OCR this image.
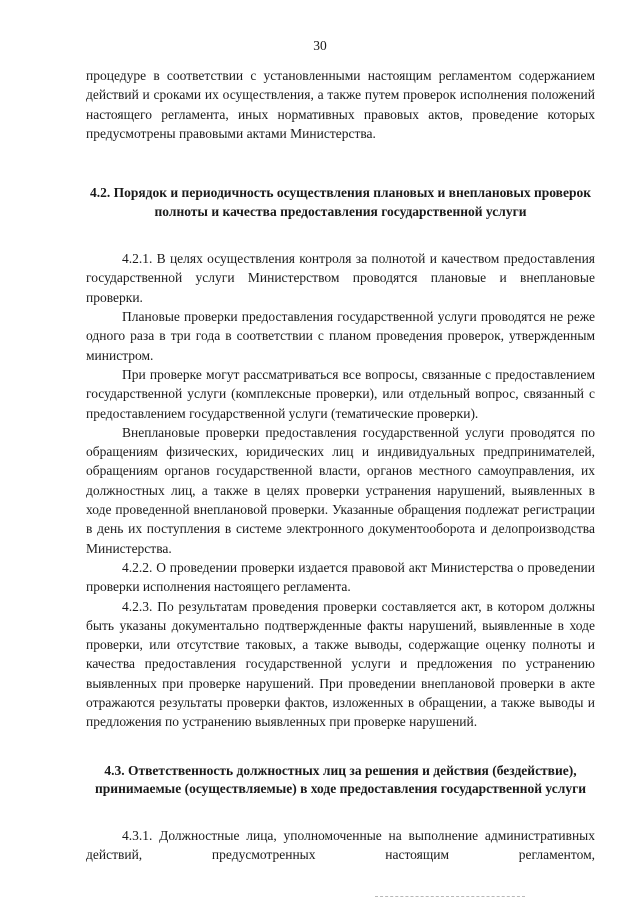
30

процедуре в соответствии с установленными настоящим регламентом содержанием действий и сроками их осуществления, а также путем проверок исполнения положений настоящего регламента, иных нормативных правовых актов, проведение которых предусмотрены правовыми актами Министерства.

4.2. Порядок и периодичность осуществления плановых и внеплановых проверок полноты и качества предоставления государственной услуги

4.2.1. В целях осуществления контроля за полнотой и качеством предоставления государственной услуги Министерством проводятся плановые и внеплановые проверки.

Плановые проверки предоставления государственной услуги проводятся не реже одного раза в три года в соответствии с планом проведения проверок, утвержденным министром.

При проверке могут рассматриваться все вопросы, связанные с предоставлением государственной услуги (комплексные проверки), или отдельный вопрос, связанный с предоставлением государственной услуги (тематические проверки).

Внеплановые проверки предоставления государственной услуги проводятся по обращениям физических, юридических лиц и индивидуальных предпринимателей, обращениям органов государственной власти, органов местного самоуправления, их должностных лиц, а также в целях проверки устранения нарушений, выявленных в ходе проведенной внеплановой проверки. Указанные обращения подлежат регистрации в день их поступления в системе электронного документооборота и делопроизводства Министерства.

4.2.2. О проведении проверки издается правовой акт Министерства о проведении проверки исполнения настоящего регламента.

4.2.3. По результатам проведения проверки составляется акт, в котором должны быть указаны документально подтвержденные факты нарушений, выявленные в ходе проверки, или отсутствие таковых, а также выводы, содержащие оценку полноты и качества предоставления государственной услуги и предложения по устранению выявленных при проверке нарушений. При проведении внеплановой проверки в акте отражаются результаты проверки фактов, изложенных в обращении, а также выводы и предложения по устранению выявленных при проверке нарушений.

4.3. Ответственность должностных лиц за решения и действия (бездействие), принимаемые (осуществляемые) в ходе предоставления государственной услуги

4.3.1. Должностные лица, уполномоченные на выполнение административных действий, предусмотренных настоящим регламентом,
